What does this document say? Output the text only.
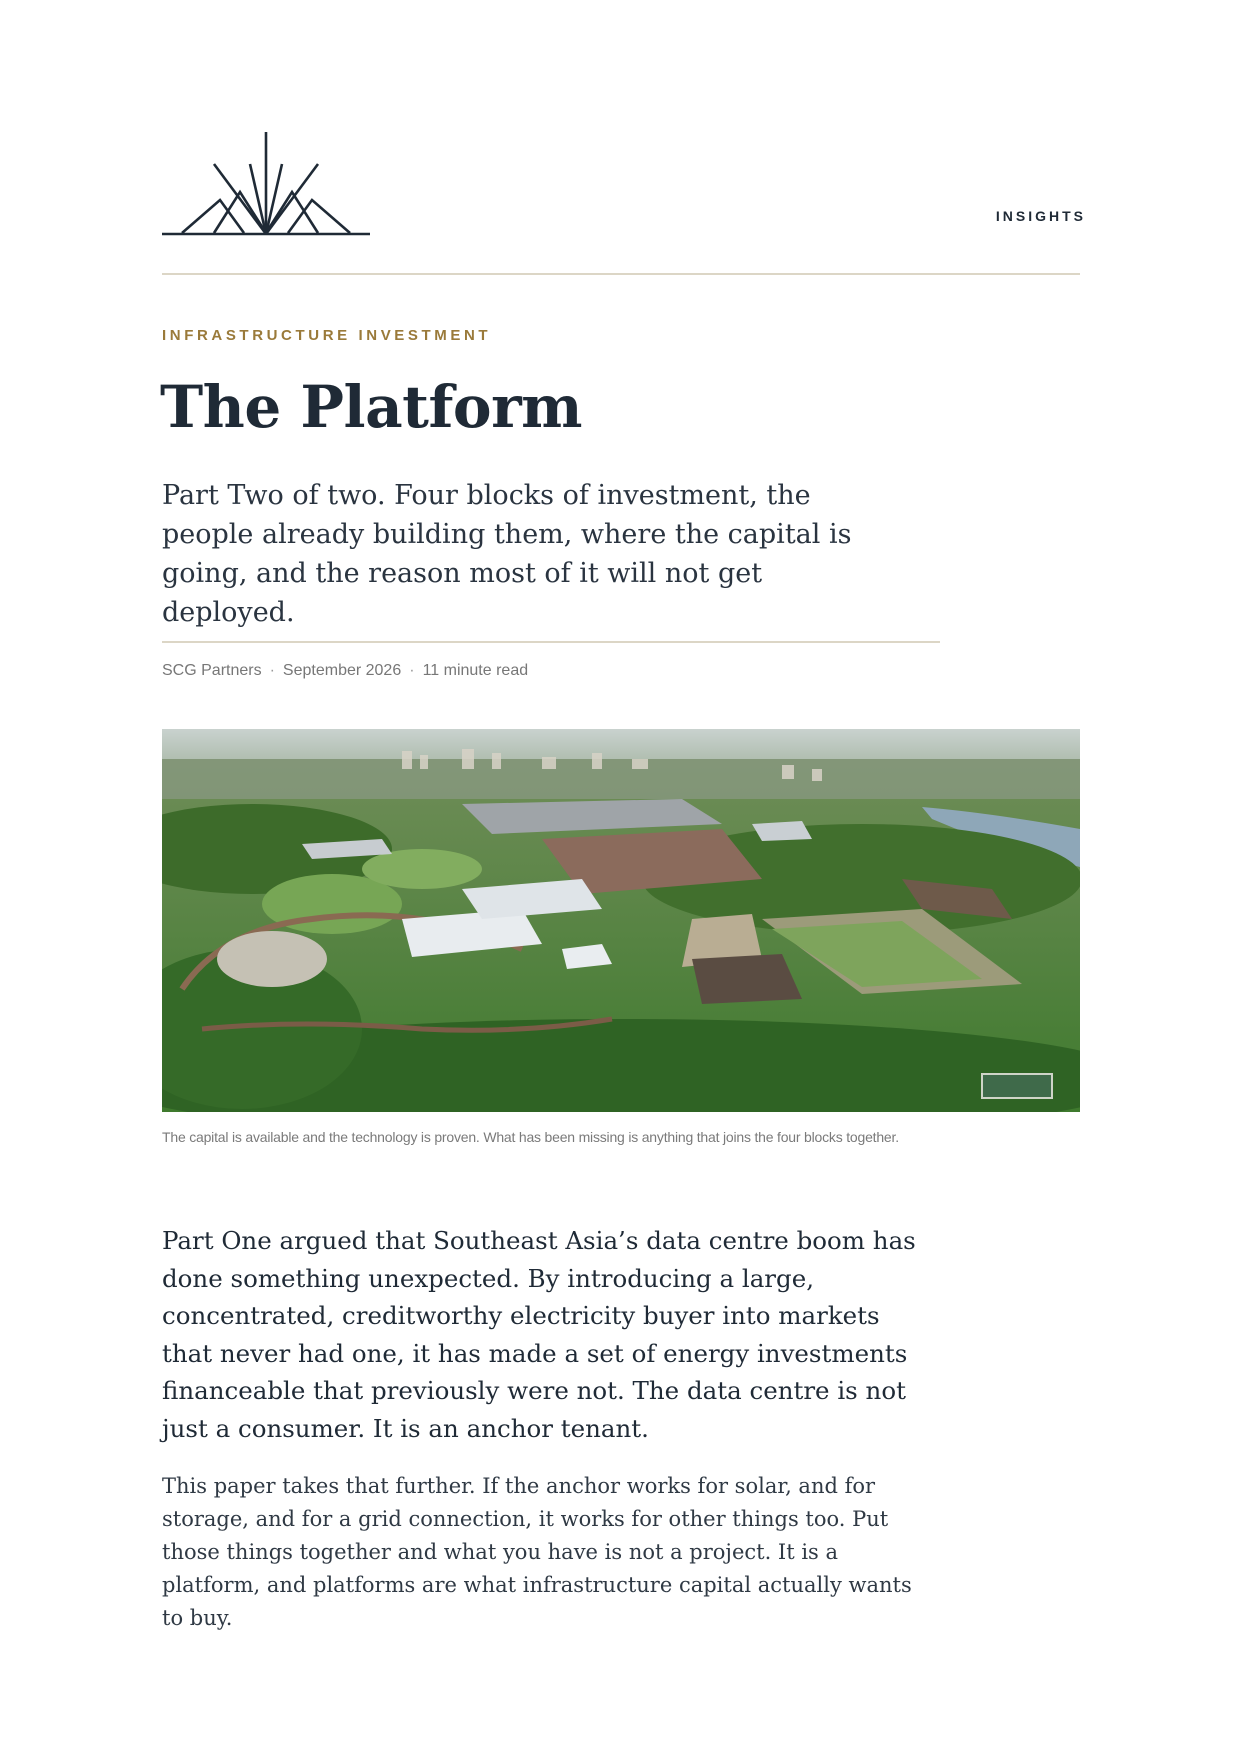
INSIGHTS
INFRASTRUCTURE INVESTMENT
The Platform

Part Two of two. Four blocks of investment, the people already building them, where the capital is going, and the reason most of it will not get deployed.

SCG Partners · September 2026 · 11 minute read

The capital is available and the technology is proven. What has been missing is anything that joins the four blocks together.

Part One argued that Southeast Asia’s data centre boom has done something unexpected. By introducing a large, concentrated, creditworthy electricity buyer into markets that never had one, it has made a set of energy investments financeable that previously were not. The data centre is not just a consumer. It is an anchor tenant.

This paper takes that further. If the anchor works for solar, and for storage, and for a grid connection, it works for other things too. Put those things together and what you have is not a project. It is a platform, and platforms are what infrastructure capital actually wants to buy.
